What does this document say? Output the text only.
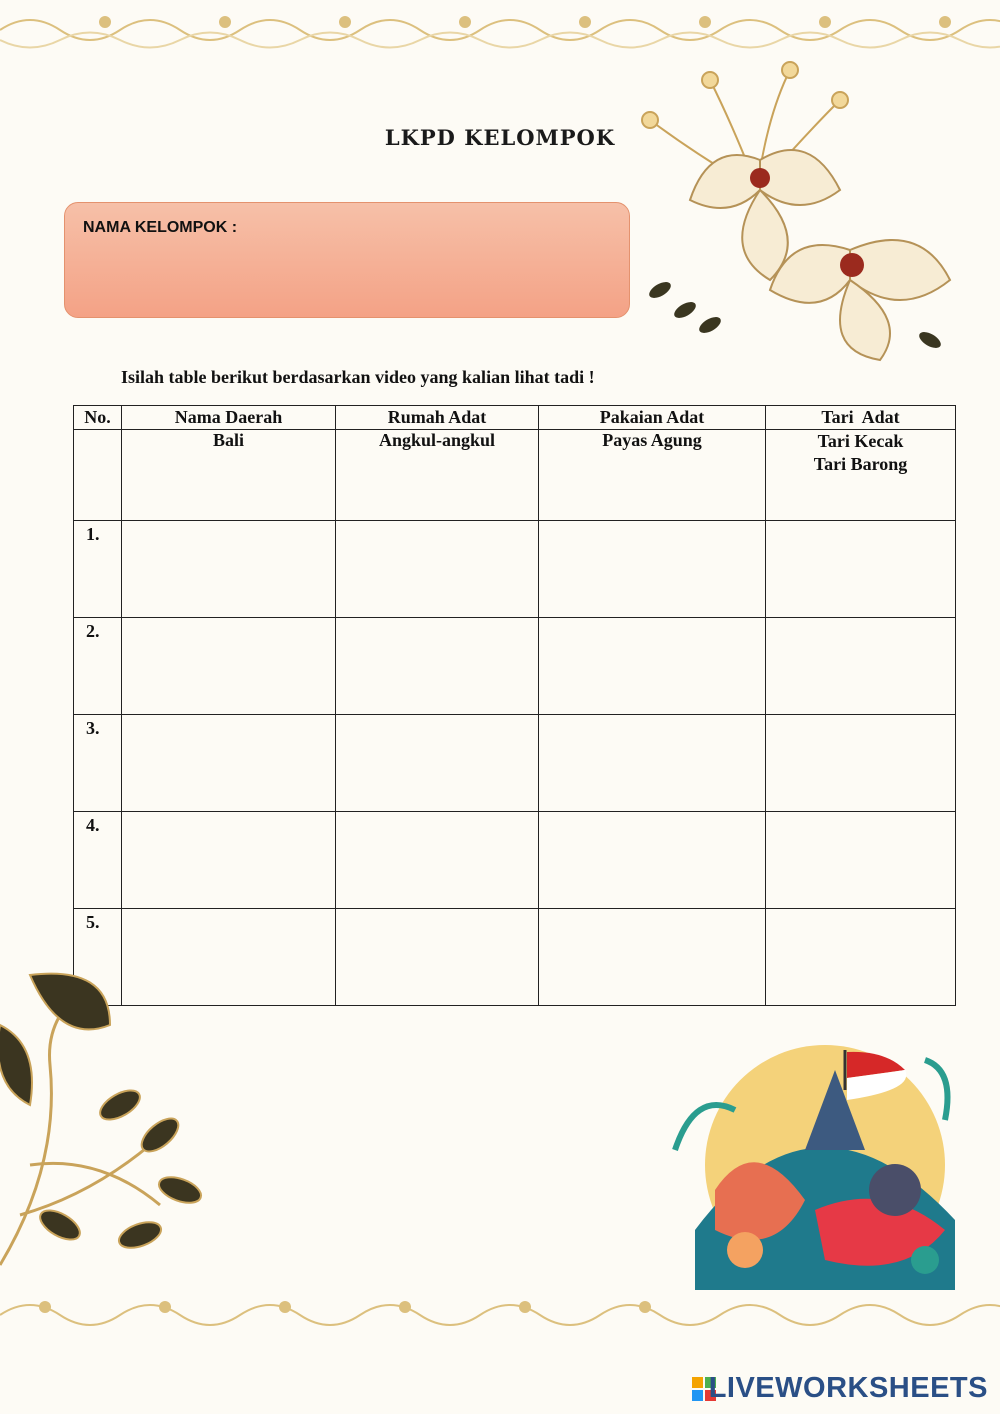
LKPD KELOMPOK
NAMA KELOMPOK :
Isilah table berikut berdasarkan video yang kalian lihat tadi !
No.	Nama Daerah	Rumah Adat	Pakaian Adat	Tari  Adat
	Bali	Angkul-angkul	Payas Agung	Tari Kecak
Tari Barong

1.				
2.				
3.				
4.				
5.				
LIVEWORKSHEETS
